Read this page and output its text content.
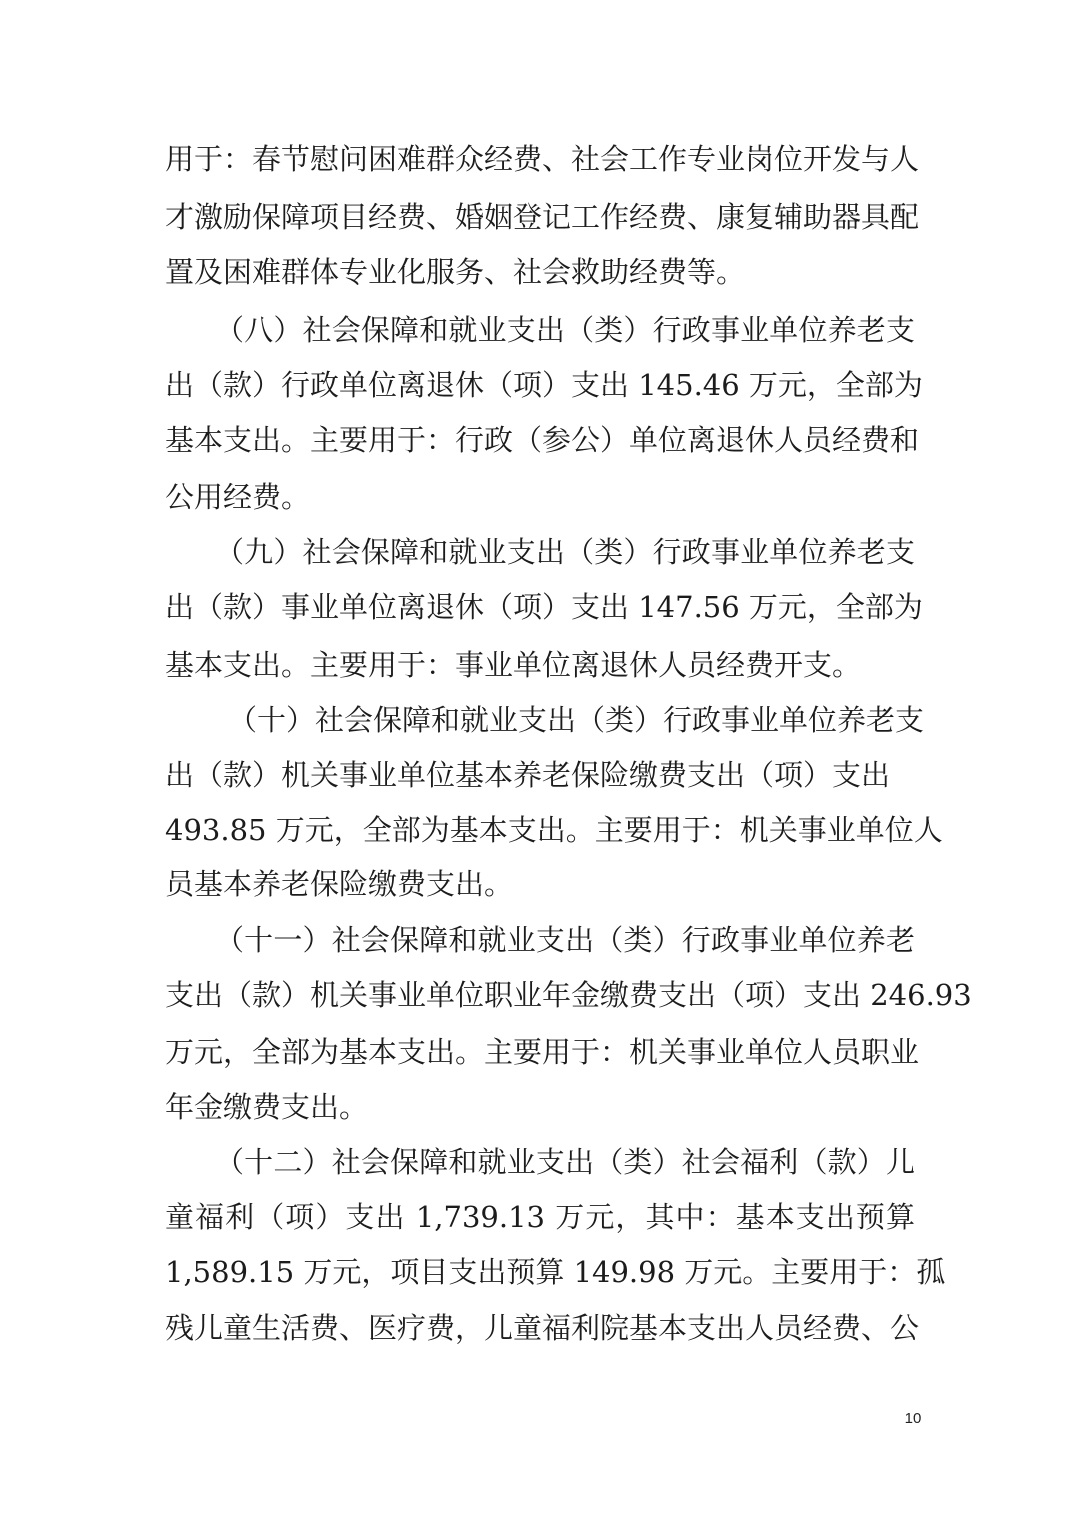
用于：春节慰问困难群众经费、社会工作专业岗位开发与人
才激励保障项目经费、婚姻登记工作经费、康复辅助器具配
置及困难群体专业化服务、社会救助经费等。
（八）社会保障和就业支出（类）行政事业单位养老支
出（款）行政单位离退休（项）支出 145.46 万元，全部为
基本支出。主要用于：行政（参公）单位离退休人员经费和
公用经费。
（九）社会保障和就业支出（类）行政事业单位养老支
出（款）事业单位离退休（项）支出 147.56 万元，全部为
基本支出。主要用于：事业单位离退休人员经费开支。
（十）社会保障和就业支出（类）行政事业单位养老支
出（款）机关事业单位基本养老保险缴费支出（项）支出
493.85 万元，全部为基本支出。主要用于：机关事业单位人
员基本养老保险缴费支出。
（十一）社会保障和就业支出（类）行政事业单位养老
支出（款）机关事业单位职业年金缴费支出（项）支出 246.93
万元，全部为基本支出。主要用于：机关事业单位人员职业
年金缴费支出。
（十二）社会保障和就业支出（类）社会福利（款）儿
童福利（项）支出 1,739.13 万元，其中：基本支出预算
1,589.15 万元，项目支出预算 149.98 万元。主要用于：孤
残儿童生活费、医疗费，儿童福利院基本支出人员经费、公
10
